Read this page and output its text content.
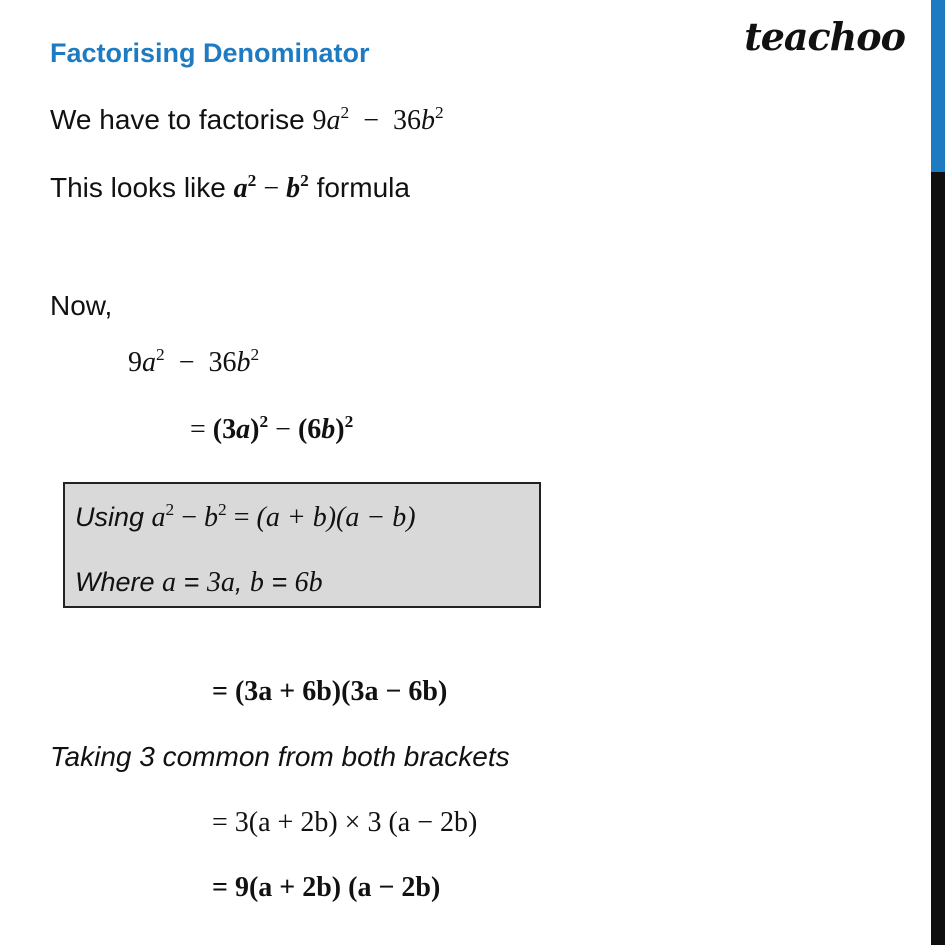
teachoo
Factorising Denominator
We have to factorise $9a^2 - 36b^2$
This looks like $a^2 - b^2$ formula
Now,
$9a^2 - 36b^2$
= $(3a)^2 - (6b)^2$
Using $a^2 - b^2 = (a + b)(a - b)$
Where a = 3a, b = 6b
= (3a + 6b)(3a − 6b)
Taking 3 common from both brackets
= 3(a + 2b) × 3 (a − 2b)
= 9(a + 2b) (a − 2b)
